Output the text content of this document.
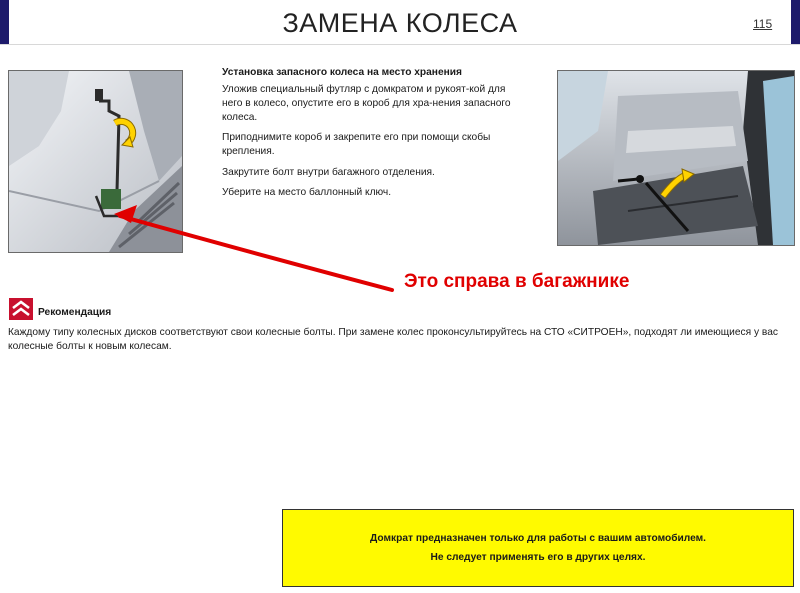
ЗАМЕНА КОЛЕСА	115
Установка запасного колеса на место хранения

Уложив специальный футляр с домкратом и рукоят-кой для него в колесо, опустите его в короб для хра-нения запасного колеса.

Приподнимите короб и закрепите его при помощи скобы крепления.

Закрутите болт внутри багажного отделения.

Уберите на место баллонный ключ.

Это справа в багажнике
Рекомендация
Каждому типу колесных дисков соответствуют свои колесные болты. При замене колес проконсультируйтесь на СТО «СИТРОЕН», подходят ли имеющиеся у вас колесные болты к новым колесам.
Домкрат предназначен только для работы с вашим автомобилем.
Не следует применять его в других целях.
